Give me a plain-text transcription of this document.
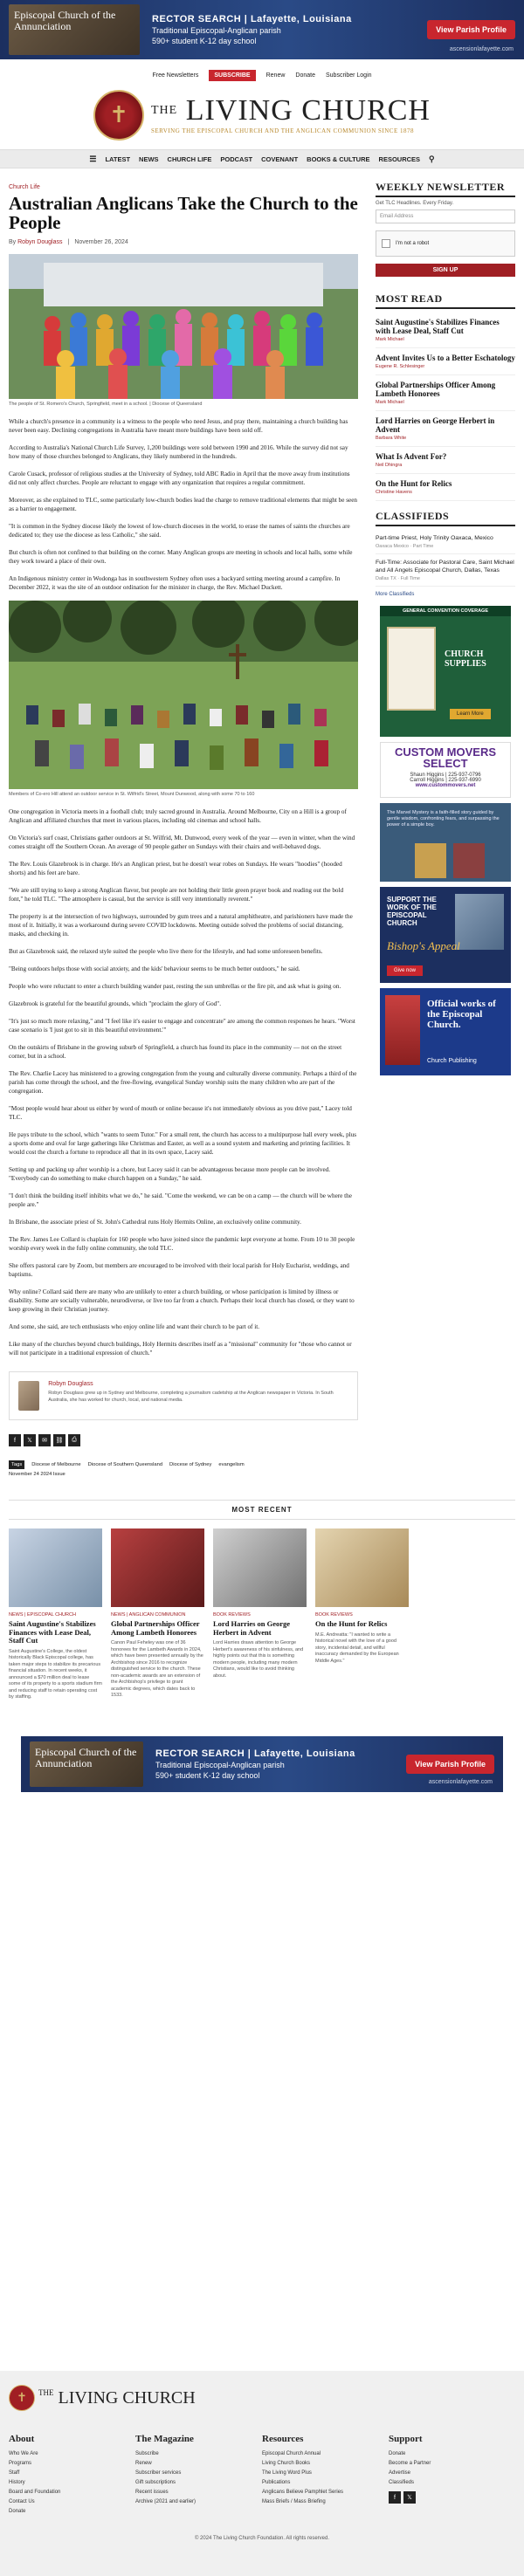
Episcopal Church of the Annunciation
RECTOR SEARCH | Lafayette, Louisiana
Traditional Episcopal-Anglican parish
590+ student K-12 day school
View Parish Profile
ascensionlafayette.com
Free Newsletters	SUBSCRIBE	Renew Donate Subscriber Login
✝	$^{THE}$ LIVING CHURCH
SERVING THE EPISCOPAL CHURCH AND THE ANGLICAN COMMUNION SINCE 1878
☰ LATEST NEWS CHURCH LIFE PODCAST COVENANT BOOKS & CULTURE RESOURCES ⚲
Church Life
Australian Anglicans Take the Church to the People
By Robyn Douglass | November 26, 2024
The people of St. Romero's Church, Springfield, meet in a school. | Diocese of Queensland

While a church's presence in a community is a witness to the people who need Jesus, and pray there, maintaining a church building has never been easy. Declining congregations in Australia have meant more buildings have been sold off.

According to Australia's National Church Life Survey, 1,200 buildings were sold between 1990 and 2016. While the survey did not say how many of those churches belonged to Anglicans, they likely numbered in the hundreds.

Carole Cusack, professor of religious studies at the University of Sydney, told ABC Radio in April that the move away from institutions did not only affect churches. People are reluctant to engage with any organization that requires a regular commitment.

Moreover, as she explained to TLC, some particularly low-church bodies lead the charge to remove traditional elements that might be seen as a barrier to engagement.

"It is common in the Sydney diocese likely the lowest of low-church dioceses in the world, to erase the names of saints the churches are dedicated to; they use the diocese as less Catholic," she said.

But church is often not confined to that building on the corner. Many Anglican groups are meeting in schools and local halls, some while they work toward a place of their own.

An Indigenous ministry center in Wodonga has in southwestern Sydney often uses a backyard setting meeting around a campfire. In December 2022, it was the site of an outdoor ordination for the minister in charge, the Rev. Michael Duckett.

Members of Co-ero Hill attend an outdoor service in St. Wilfrid's Street, Mount Dunwood, along with some 70 to 160

One congregation in Victoria meets in a football club; truly sacred ground in Australia. Around Melbourne, City on a Hill is a group of Anglican and affiliated churches that meet in various places, including old cinemas and school halls.

On Victoria's surf coast, Christians gather outdoors at St. Wilfrid, Mt. Dunwood, every week of the year — even in winter, when the wind comes straight off the Southern Ocean. An average of 90 people gather on Sundays with their chairs and well-behaved dogs.

The Rev. Louis Glazebrook is in charge. He's an Anglican priest, but he doesn't wear robes on Sundays. He wears "hoodies" (hooded shorts) and his feet are bare.

"We are still trying to keep a strong Anglican flavor, but people are not holding their little green prayer book and reading out the bold font," he told TLC. "The atmosphere is casual, but the service is still very intentionally reverent."

The property is at the intersection of two highways, surrounded by gum trees and a natural amphitheatre, and parishioners have made the most of it. Initially, it was a workaround during severe COVID lockdowns. Meeting outside solved the problems of social distancing, masks, and checking in.

But as Glazebrook said, the relaxed style suited the people who live there for the lifestyle, and had some unforeseen benefits.

"Being outdoors helps those with social anxiety, and the kids' behaviour seems to be much better outdoors," he said.

People who were reluctant to enter a church building wander past, resting the sun umbrellas or the fire pit, and ask what is going on.

Glazebrook is grateful for the beautiful grounds, which "proclaim the glory of God".

"It's just so much more relaxing," and "I feel like it's easier to engage and concentrate" are among the common responses he hears. "Worst case scenario is 'I just got to sit in this beautiful environment.'"

On the outskirts of Brisbane in the growing suburb of Springfield, a church has found its place in the community — not on the street corner, but in a school.

The Rev. Charlie Lacey has ministered to a growing congregation from the young and culturally diverse community. Perhaps a third of the parish has come through the school, and the free-flowing, evangelical Sunday worship suits the many children who are part of the congregation.

"Most people would hear about us either by word of mouth or online because it's not immediately obvious as you drive past," Lacey told TLC.

He pays tribute to the school, which "wants to seem Tutor." For a small rent, the church has access to a multipurpose hall every week, plus a sports dome and oval for large gatherings like Christmas and Easter, as well as a sound system and marketing and printing facilities. It would cost the church a fortune to reproduce all that in its own space, Lacey said.

Setting up and packing up after worship is a chore, but Lacey said it can be advantageous because more people can be involved. "Everybody can do something to make church happen on a Sunday," he said.

"I don't think the building itself inhibits what we do," he said. "Come the weekend, we can be on a camp — the church will be where the people are."

In Brisbane, the associate priest of St. John's Cathedral runs Holy Hermits Online, an exclusively online community.

The Rev. James Lee Collard is chaplain for 160 people who have joined since the pandemic kept everyone at home. From 10 to 30 people worship every week in the fully online community, she told TLC.

She offers pastoral care by Zoom, but members are encouraged to be involved with their local parish for Holy Eucharist, weddings, and baptisms.

Why online? Collard said there are many who are unlikely to enter a church building, or whose participation is limited by illness or disability. Some are socially vulnerable, neurodiverse, or live too far from a church. Perhaps their local church has closed, or they want to keep growing in their Christian journey.

And some, she said, are tech enthusiasts who enjoy online life and want their church to be part of it.

Like many of the churches beyond church buildings, Holy Hermits describes itself as a "missional" community for "those who cannot or will not participate in a traditional expression of church."

Robyn Douglass
Robyn Douglass grew up in Sydney and Melbourne, completing a journalism cadetship at the Anglican newspaper in Victoria. In South Australia, she has worked for church, local, and national media.
f	𝕏	✉	⛓	⎙
Tags	Diocese of Melbourne Diocese of Southern Queensland Diocese of Sydney evangelism
November 24 2024 Issue
WEEKLY NEWSLETTER
Get TLC Headlines. Every Friday.
Email Address
I'm not a robot
SIGN UP
MOST READ
Saint Augustine's Stabilizes Finances with Lease Deal, Staff Cut
Mark Michael
Advent Invites Us to a Better Eschatology
Eugene R. Schlesinger
Global Partnerships Officer Among Lambeth Honorees
Mark Michael
Lord Harries on George Herbert in Advent
Barbara White
What Is Advent For?
Neil Dhingra
On the Hunt for Relics
Christine Havens
CLASSIFIEDS
Part-time Priest, Holy Trinity Oaxaca, Mexico
Oaxaca Mexico · Part Time
Full-Time: Associate for Pastoral Care, Saint Michael and All Angels Episcopal Church, Dallas, Texas
Dallas TX · Full Time
More Classifieds
GENERAL CONVENTION COVERAGE
CHURCH SUPPLIES
Learn More
CUSTOM MOVERS SELECT
Shaun Higgins | 225-937-0796
Carroll Higgins | 225-937-6990
www.custommovers.net
The Marvel Mystery is a faith-filled story guided by gentle wisdom, confronting fears, and surpassing the power of a simple boy.
SUPPORT THE WORK OF THE EPISCOPAL CHURCH
Bishop's Appeal
Give now
Official works of the Episcopal Church.
Church Publishing
MOST RECENT
NEWS | EPISCOPAL CHURCH
Saint Augustine's Stabilizes Finances with Lease Deal, Staff Cut
Saint Augustine's College, the oldest historically Black Episcopal college, has taken major steps to stabilize its precarious financial situation. In recent weeks, it announced a $70 million deal to lease some of its property to a sports stadium firm and reducing staff to retain operating cost by staffing.
NEWS | ANGLICAN COMMUNION
Global Partnerships Officer Among Lambeth Honorees
Canon Paul Feheley was one of 36 honorees for the Lambeth Awards in 2024, which have been presented annually by the Archbishop since 2016 to recognize distinguished service to the church. These non-academic awards are an extension of the Archbishop's privilege to grant academic degrees, which dates back to 1533.
BOOK REVIEWS
Lord Harries on George Herbert in Advent
Lord Harries draws attention to George Herbert's awareness of his sinfulness, and highly points out that this is something modern people, including many modern Christians, would like to avoid thinking about.
BOOK REVIEWS
On the Hunt for Relics
M.E. Andreatta: "I wanted to write a historical novel with the love of a good story, incidental detail, and willful inaccuracy demanded by the European Middle Ages."
Episcopal Church of the Annunciation
RECTOR SEARCH | Lafayette, Louisiana
Traditional Episcopal-Anglican parish
590+ student K-12 day school
View Parish Profile
ascensionlafayette.com
✝	$^{THE}$ LIVING CHURCH
About
Who We Are
Programs
Staff
History
Board and Foundation
Contact Us
Donate
The Magazine
Subscribe
Renew
Subscriber services
Gift subscriptions
Recent issues
Archive (2021 and earlier)
Resources
Episcopal Church Annual
Living Church Books
The Living Word Plus
Publications
Anglicans Believe Pamphlet Series
Mass Briefs / Mass Briefing
Support
Donate
Become a Partner
Advertise
Classifieds
f	𝕏
© 2024 The Living Church Foundation. All rights reserved.
